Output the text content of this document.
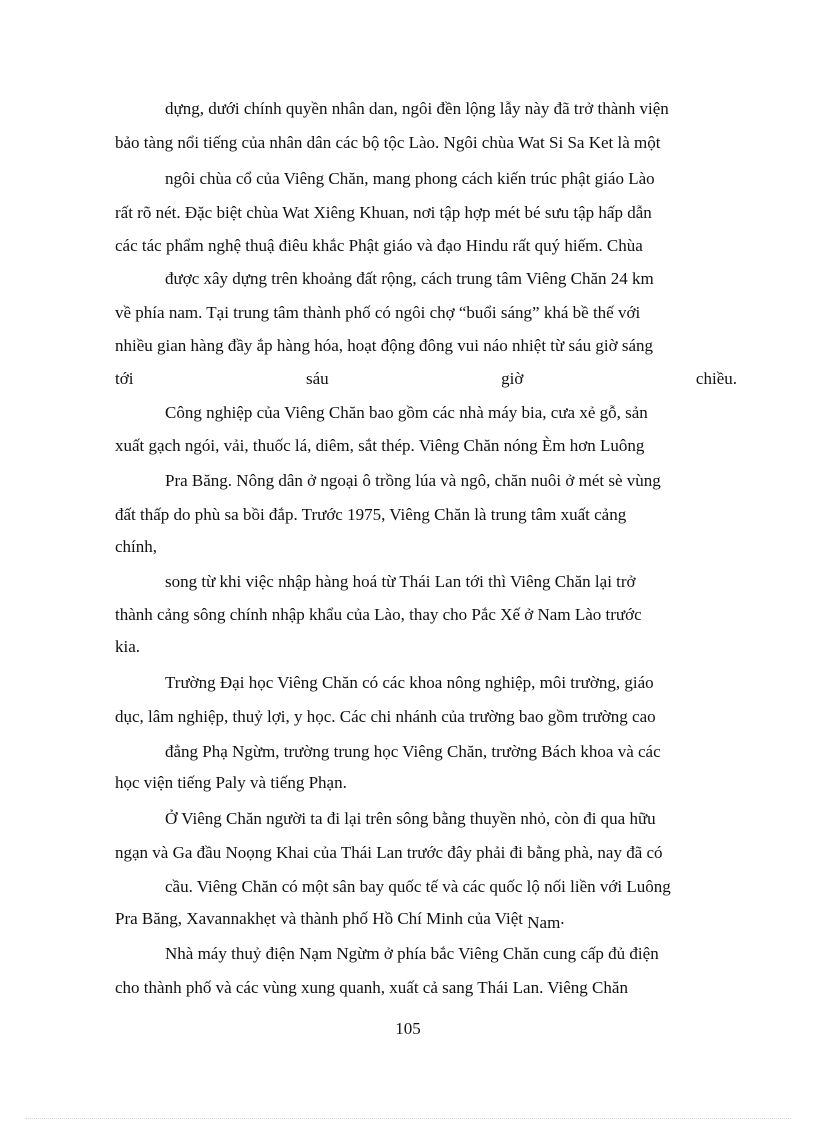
dựng, dưới chính quyền nhân dan, ngôi đền lộng lẫy này đã trở thành viện

bảo tàng nổi tiếng của nhân dân các bộ tộc Lào. Ngôi chùa Wat Si Sa Ket là một

ngôi chùa cổ của Viêng Chăn, mang phong cách kiến trúc phật giáo Lào

rất rõ nét. Đặc biệt chùa Wat Xiêng Khuan, nơi tập hợp mét bé sưu tập hấp dẫn

các tác phẩm nghệ thuậ điêu khắc Phật giáo và đạo Hindu rất quý hiếm. Chùa

được xây dựng trên khoảng đất rộng, cách trung tâm Viêng Chăn 24 km

về phía nam. Tại trung tâm thành phố có ngôi chợ “buổi sáng” khá bề thế với

nhiều gian hàng đầy ắp hàng hóa, hoạt động đông vui náo nhiệt từ sáu giờ sáng

tới	sáu	giờ	chiều.

Công nghiệp của Viêng Chăn bao gồm các nhà máy bia, cưa xẻ gỗ, sản

xuất gạch ngói, vải, thuốc lá, diêm, sắt thép. Viêng Chăn nóng Èm hơn Luông

Pra Băng. Nông dân ở ngoại ô trồng lúa và ngô, chăn nuôi ở mét sè vùng

đất thấp do phù sa bồi đắp. Trước 1975, Viêng Chăn là trung tâm xuất cảng

chính,

song từ khi việc nhập hàng hoá từ Thái Lan tới thì Viêng Chăn lại trở

thành cảng sông chính nhập khẩu của Lào, thay cho Pắc Xế ở Nam Lào trước

kia.

Trường Đại học Viêng Chăn có các khoa nông nghiệp, môi trường, giáo

dục, lâm nghiệp, thuỷ lợi, y học. Các chi nhánh của trường bao gồm trường cao

đẳng Phạ Ngừm, trường trung học Viêng Chăn, trường Bách khoa và các

học viện tiếng Paly và tiếng Phạn.

Ở Viêng Chăn người ta đi lại trên sông bằng thuyền nhỏ, còn đi qua hữu

ngạn và Ga đầu Noọng Khai của Thái Lan trước đây phải đi bằng phà, nay đã có

cầu. Viêng Chăn có một sân bay quốc tế và các quốc lộ nối liền với Luông

Pra Băng, Xavannakhẹt và thành phố Hồ Chí Minh của Việt Nam.

Nhà máy thuỷ điện Nạm Ngừm ở phía bắc Viêng Chăn cung cấp đủ điện

cho thành phố và các vùng xung quanh, xuất cả sang Thái Lan. Viêng Chăn

105
